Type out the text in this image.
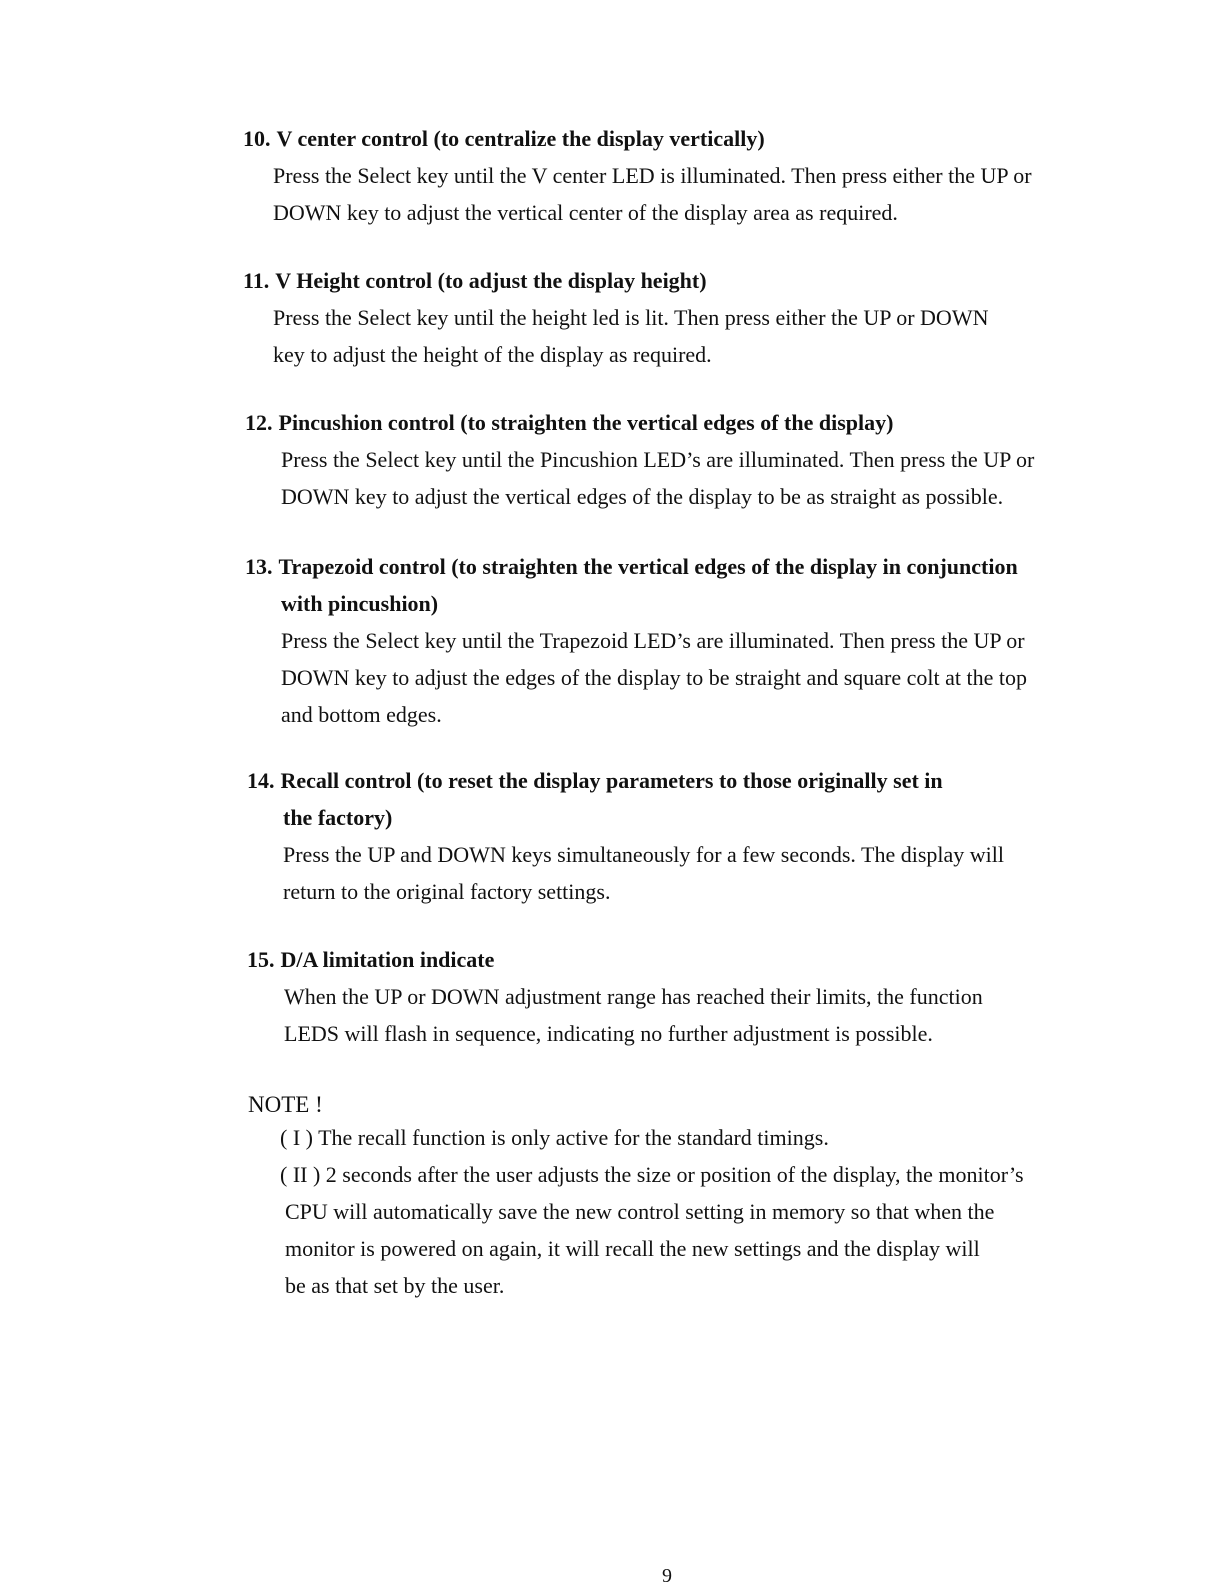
10. V center control (to centralize the display vertically)
Press the Select key until the V center LED is illuminated. Then press either the UP or
DOWN key to adjust the vertical center of the display area as required.
11. V Height control (to adjust the display height)
Press the Select key until the height led is lit. Then press either the UP or DOWN
key to adjust the height of the display as required.
12. Pincushion control (to straighten the vertical edges of the display)
Press the Select key until the Pincushion LED’s are illuminated. Then press the UP or
DOWN key to adjust the vertical edges of the display to be as straight as possible.
13. Trapezoid control (to straighten the vertical edges of the display in conjunction
with pincushion)
Press the Select key until the Trapezoid LED’s are illuminated. Then press the UP or
DOWN key to adjust the edges of the display to be straight and square colt at the top
and bottom edges.
14. Recall control (to reset the display parameters to those originally set in
the factory)
Press the UP and DOWN keys simultaneously for a few seconds. The display will
return to the original factory settings.
15. D/A limitation indicate
When the UP or DOWN adjustment range has reached their limits, the function
LEDS will flash in sequence, indicating no further adjustment is possible.
NOTE !
( I ) The recall function is only active for the standard timings.
( II ) 2 seconds after the user adjusts the size or position of the display, the monitor’s
CPU will automatically save the new control setting in memory so that when the
monitor is powered on again, it will recall the new settings and the display will
be as that set by the user.
9
